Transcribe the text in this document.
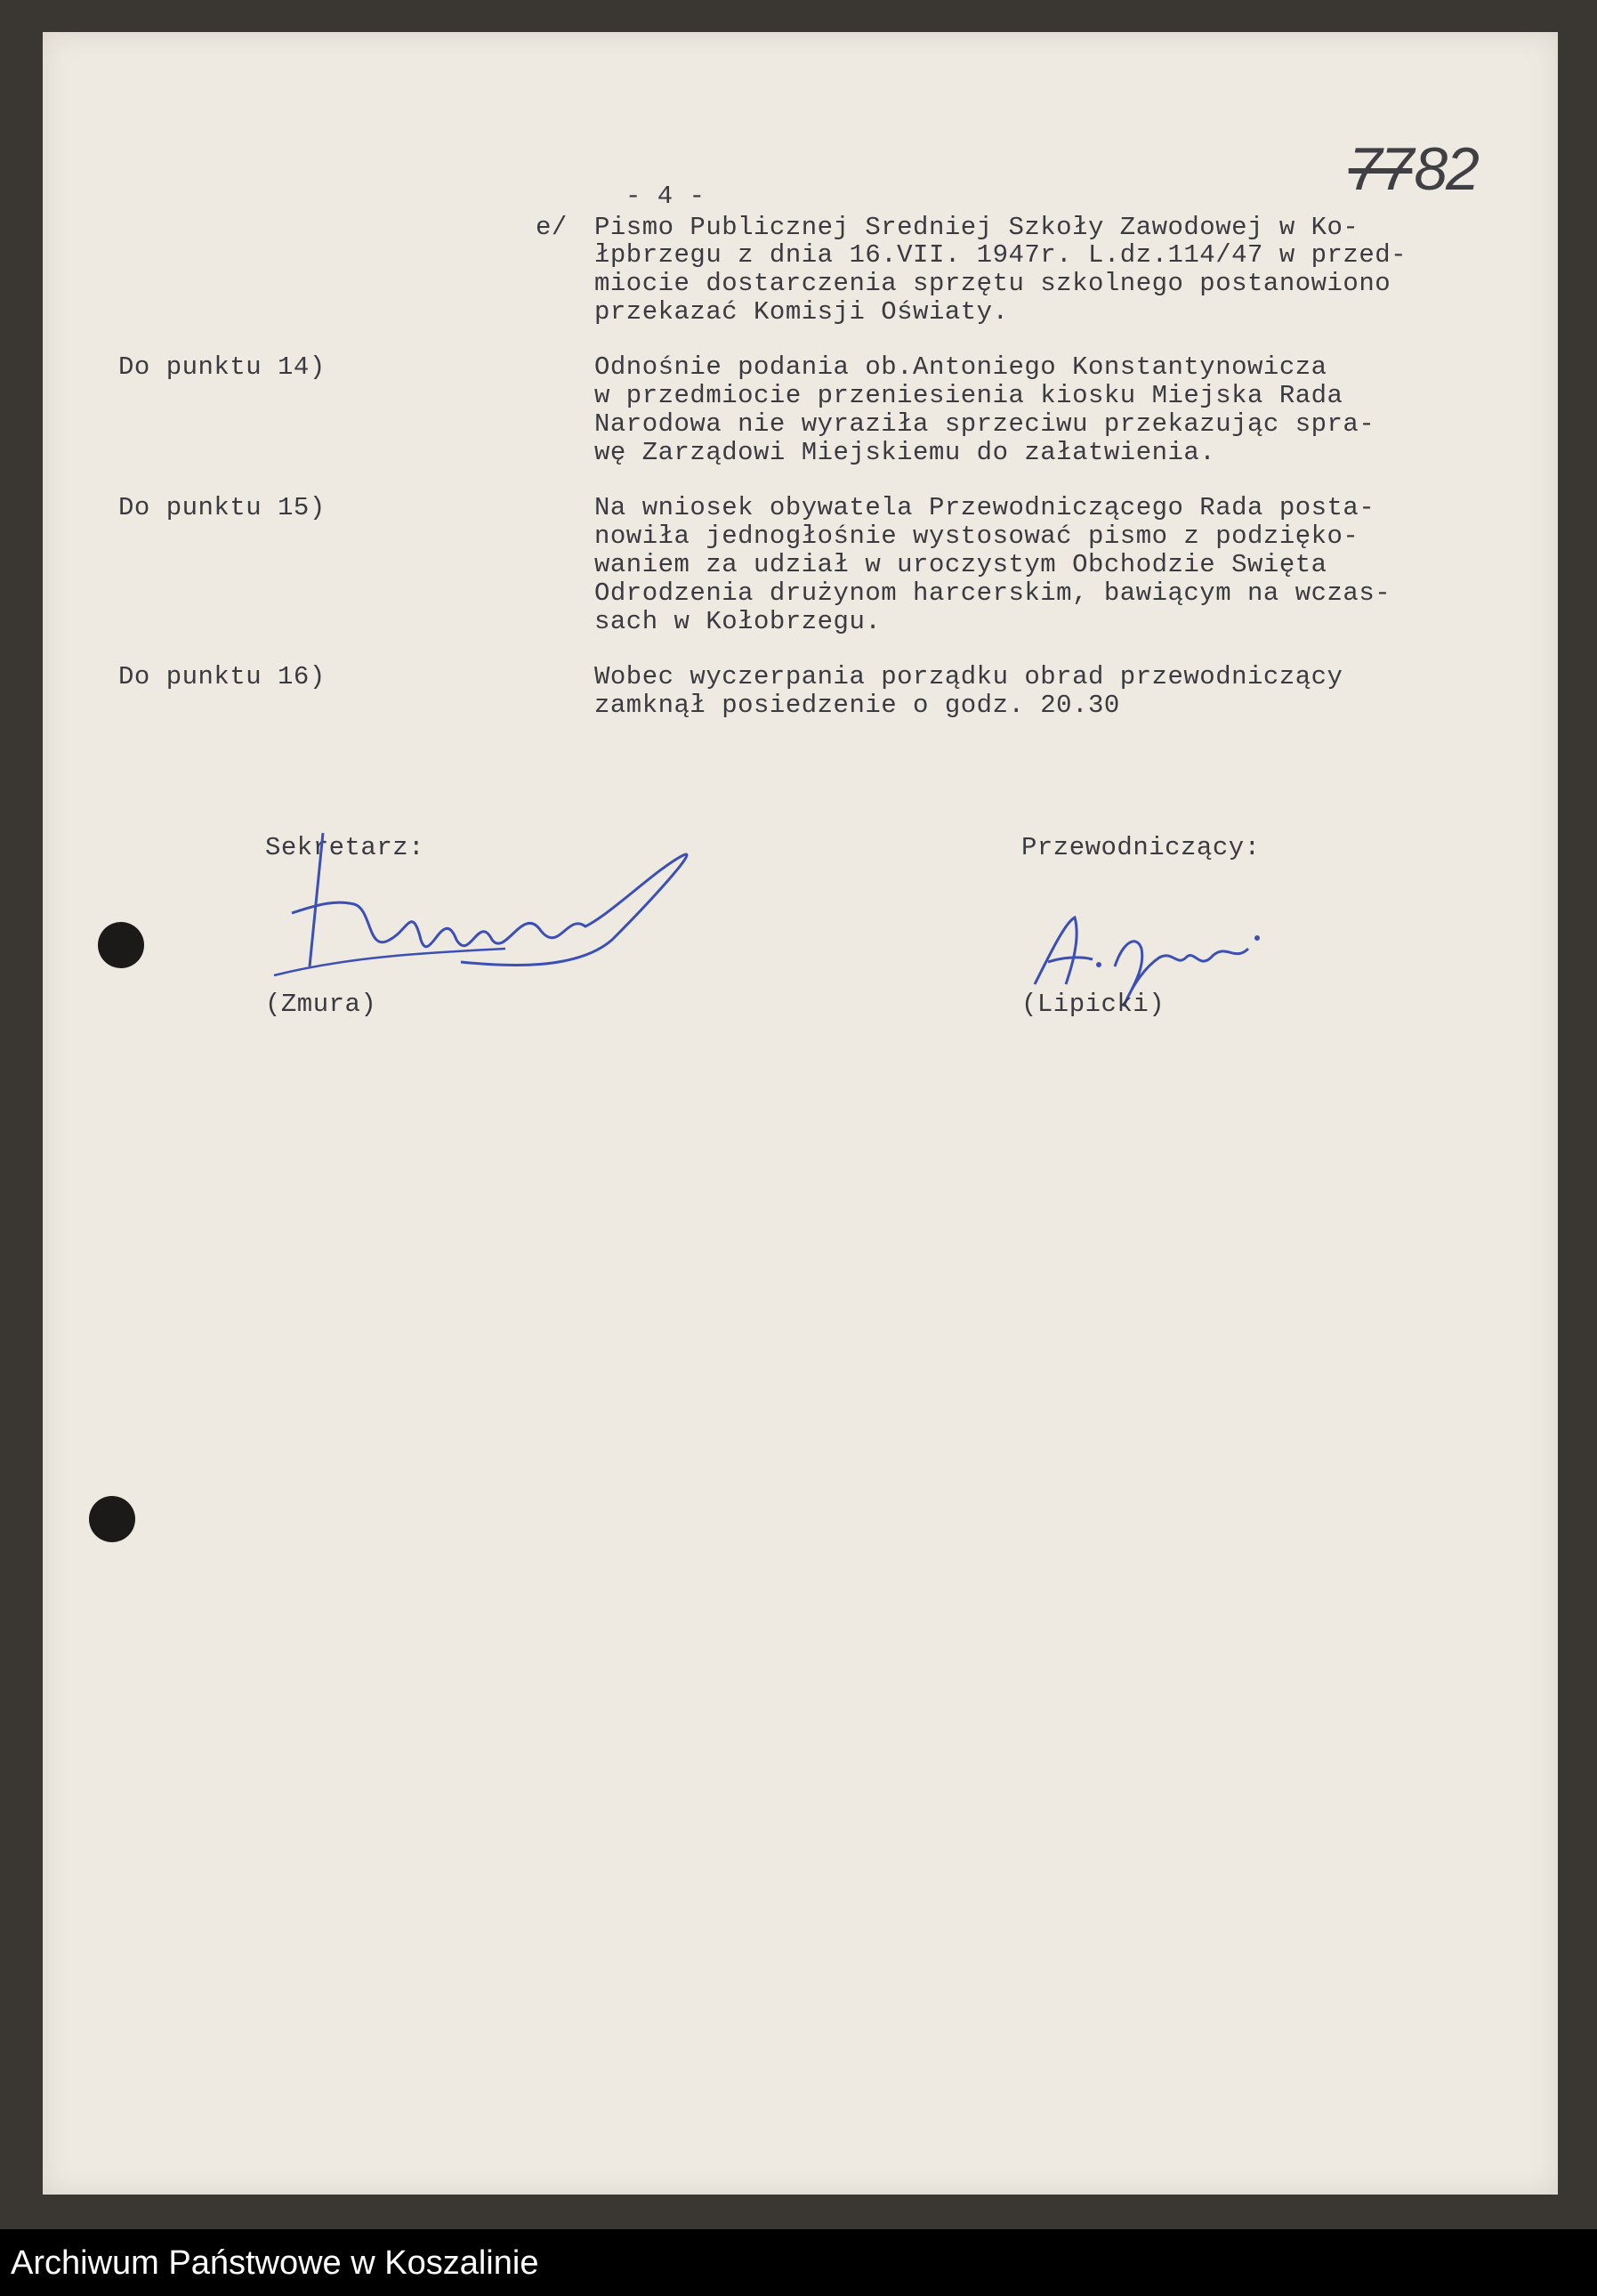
- 4 -	7782
e/ Pismo Publicznej Sredniej Szkoły Zawodowej w Ko-
łpbrzegu z dnia 16.VII. 1947r. L.dz.114/47 w przed-
miocie dostarczenia sprzętu szkolnego postanowiono
przekazać Komisji Oświaty.
Do punktu 14)	Odnośnie podania ob.Antoniego Konstantynowicza
w przedmiocie przeniesienia kiosku Miejska Rada
Narodowa nie wyraziła sprzeciwu przekazując spra-
wę Zarządowi Miejskiemu do załatwienia.
Do punktu 15)	Na wniosek obywatela Przewodniczącego Rada posta-
nowiła jednogłośnie wystosować pismo z podzięko-
waniem za udział w uroczystym Obchodzie Swięta
Odrodzenia drużynom harcerskim, bawiącym na wczas-
sach w Kołobrzegu.
Do punktu 16)	Wobec wyczerpania porządku obrad przewodniczący
zamknął posiedzenie o godz. 20.30
Sekretarz:	Przewodniczący:
(Zmura)	(Lipicki)
Archiwum Państwowe w Koszalinie
